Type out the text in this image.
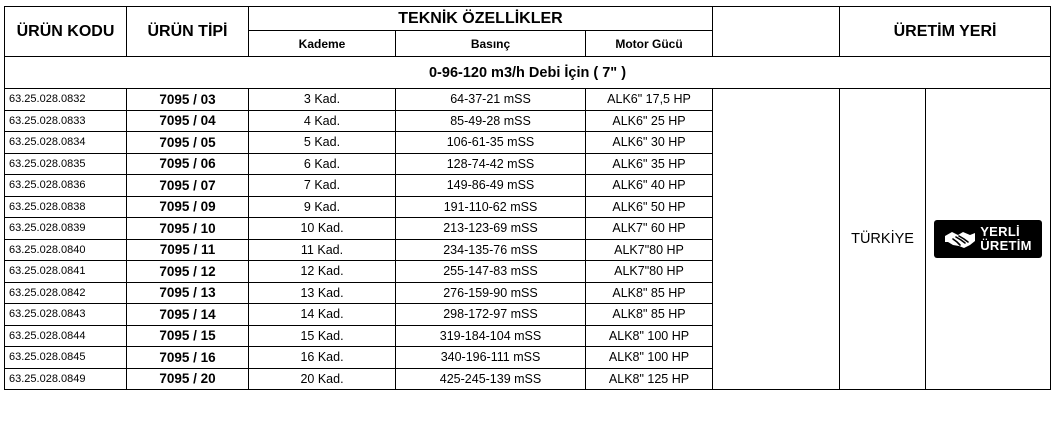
ÜRÜN KODU	ÜRÜN TİPİ	TEKNİK ÖZELLİKLER				ÜRETİM YERİ	
		Kademe	Basınç	Motor Gücü			
0-96-120 m3/h Debi İçin ( 7" )							
63.25.028.0832	7095 / 03	3 Kad.	64-37-21 mSS	ALK6" 17,5 HP		TÜRKİYE	YERLİ
ÜRETİM

63.25.028.0833	7095 / 04	4 Kad.	85-49-28 mSS	ALK6" 25 HP			
63.25.028.0834	7095 / 05	5 Kad.	106-61-35 mSS	ALK6" 30 HP			
63.25.028.0835	7095 / 06	6 Kad.	128-74-42 mSS	ALK6" 35 HP			
63.25.028.0836	7095 / 07	7 Kad.	149-86-49 mSS	ALK6" 40 HP			
63.25.028.0838	7095 / 09	9 Kad.	191-110-62 mSS	ALK6" 50 HP			
63.25.028.0839	7095 / 10	10 Kad.	213-123-69 mSS	ALK7" 60 HP			
63.25.028.0840	7095 / 11	11 Kad.	234-135-76 mSS	ALK7"80 HP			
63.25.028.0841	7095 / 12	12 Kad.	255-147-83 mSS	ALK7"80 HP			
63.25.028.0842	7095 / 13	13 Kad.	276-159-90 mSS	ALK8" 85 HP			
63.25.028.0843	7095 / 14	14 Kad.	298-172-97 mSS	ALK8" 85 HP			
63.25.028.0844	7095 / 15	15 Kad.	319-184-104 mSS	ALK8" 100 HP			
63.25.028.0845	7095 / 16	16 Kad.	340-196-111 mSS	ALK8" 100 HP			
63.25.028.0849	7095 / 20	20 Kad.	425-245-139 mSS	ALK8" 125 HP			
